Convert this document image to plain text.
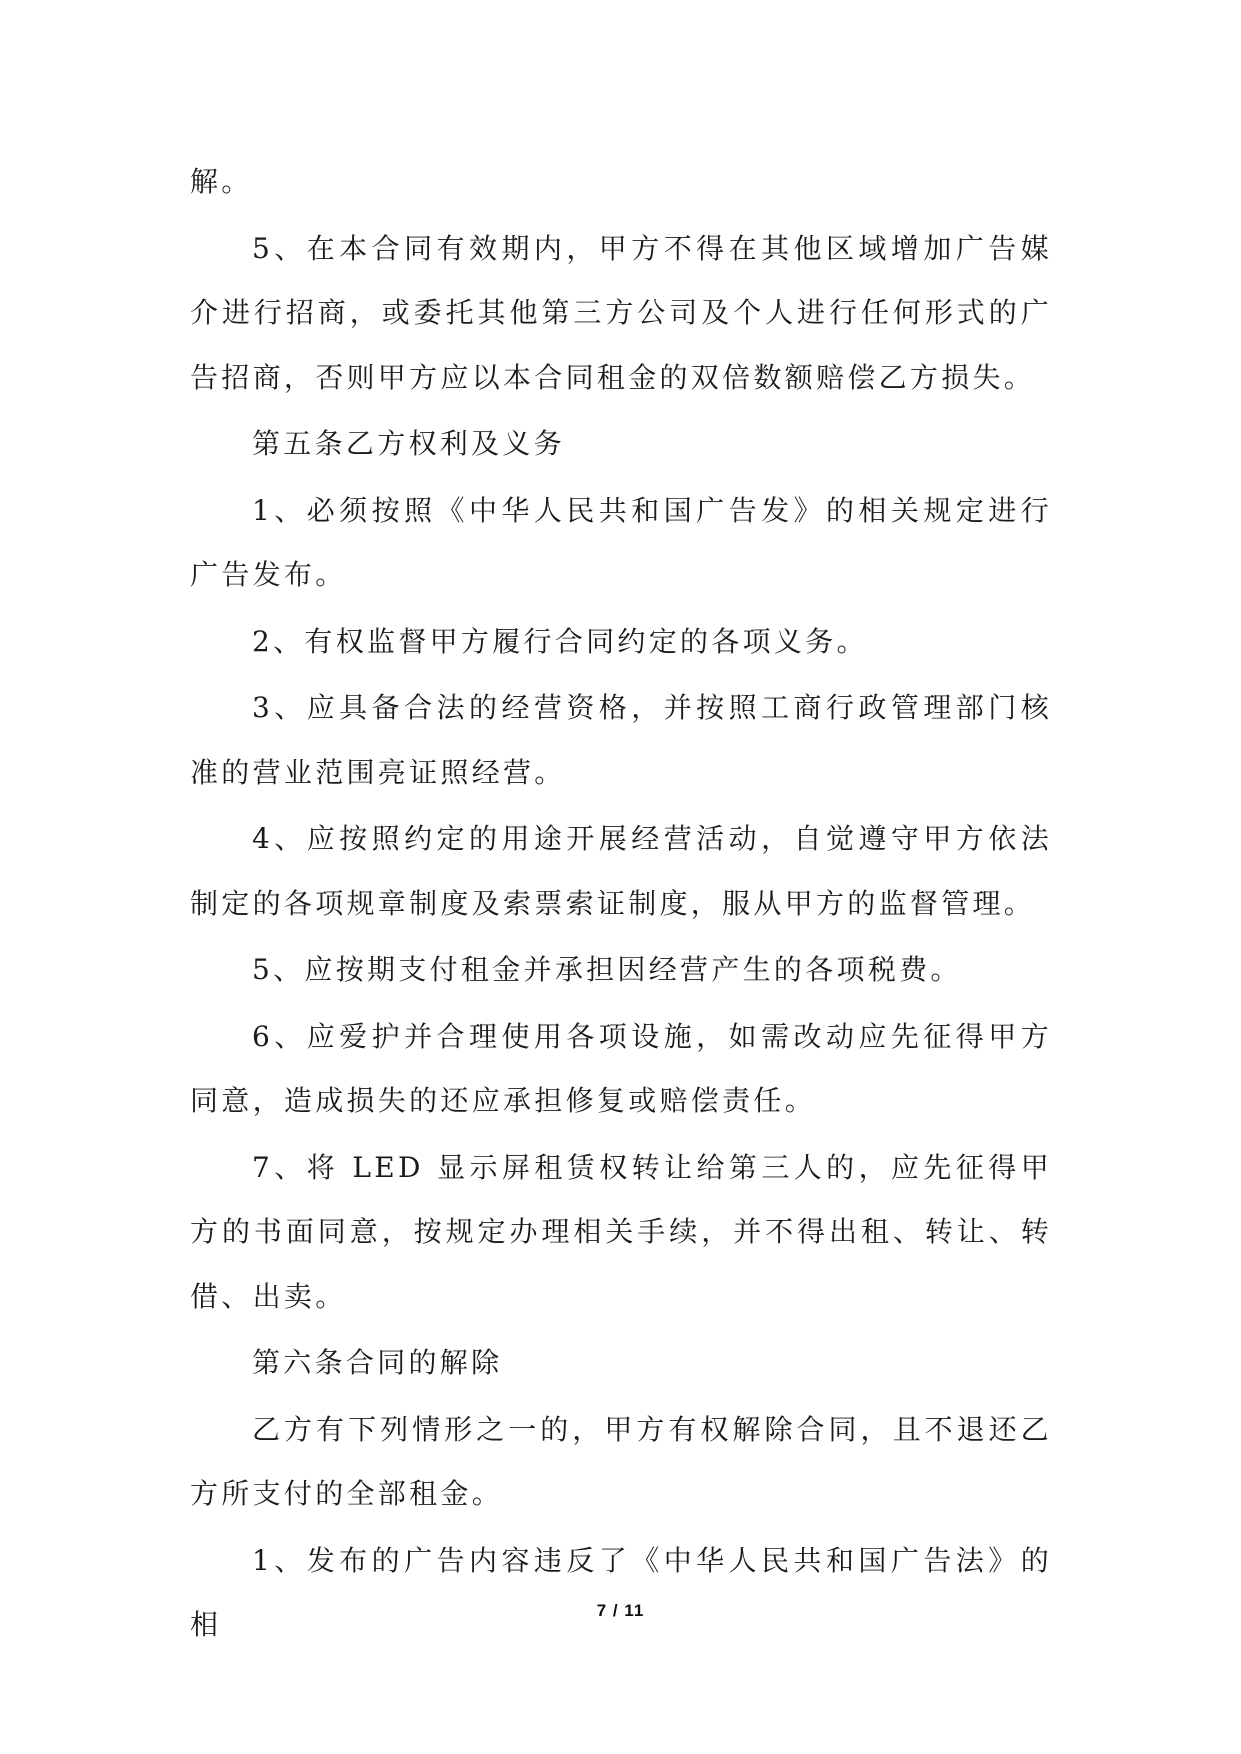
解。

5、在本合同有效期内，甲方不得在其他区域增加广告媒介进行招商，或委托其他第三方公司及个人进行任何形式的广告招商，否则甲方应以本合同租金的双倍数额赔偿乙方损失。

第五条乙方权利及义务

1、必须按照《中华人民共和国广告发》的相关规定进行广告发布。

2、有权监督甲方履行合同约定的各项义务。

3、应具备合法的经营资格，并按照工商行政管理部门核准的营业范围亮证照经营。

4、应按照约定的用途开展经营活动，自觉遵守甲方依法制定的各项规章制度及索票索证制度，服从甲方的监督管理。

5、应按期支付租金并承担因经营产生的各项税费。

6、应爱护并合理使用各项设施，如需改动应先征得甲方同意，造成损失的还应承担修复或赔偿责任。

7、将 LED 显示屏租赁权转让给第三人的，应先征得甲方的书面同意，按规定办理相关手续，并不得出租、转让、转借、出卖。

第六条合同的解除

乙方有下列情形之一的，甲方有权解除合同，且不退还乙方所支付的全部租金。

1、发布的广告内容违反了《中华人民共和国广告法》的相	7 / 11
